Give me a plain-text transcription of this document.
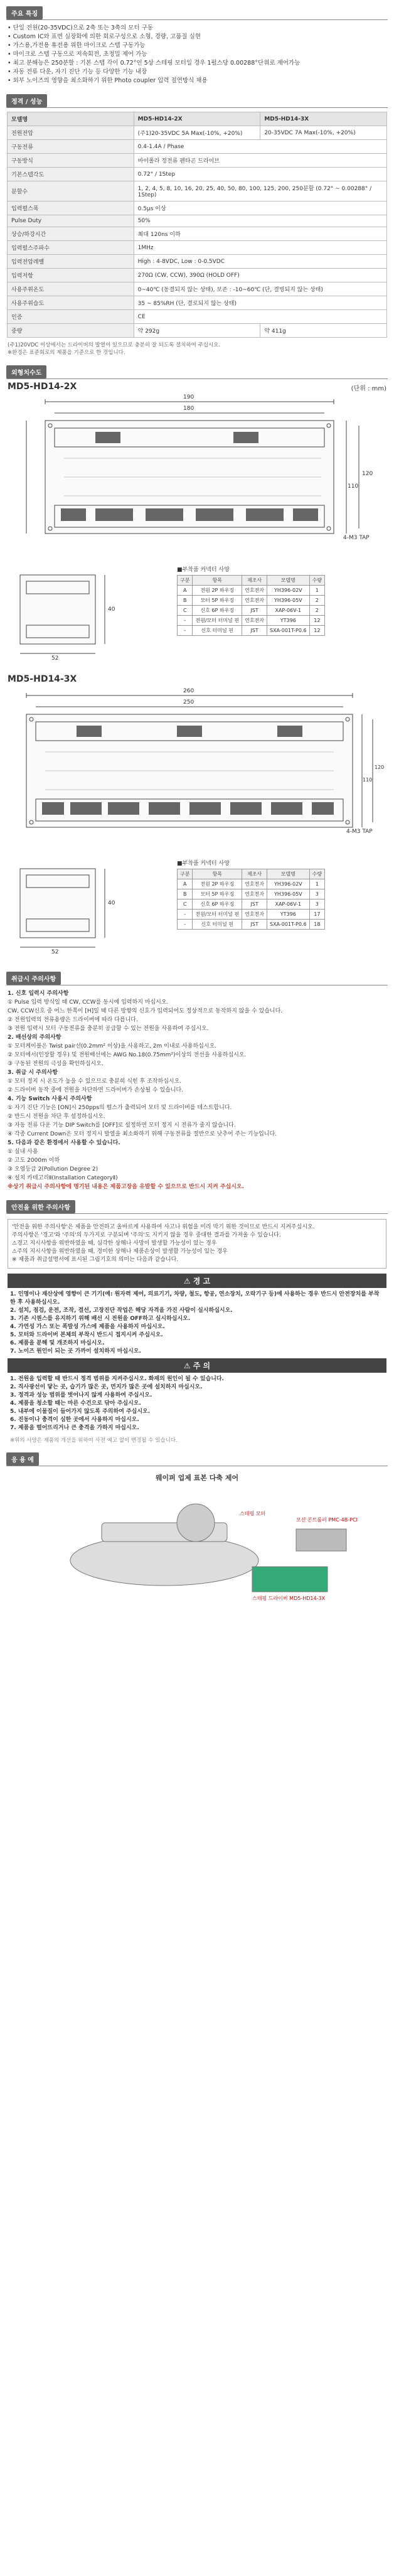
주요 특징
• 단일 전원(20-35VDC)으로 2축 또는 3축의 모터 구동
• Custom IC와 표면 실장화에 의한 회로구성으로 소형, 경량, 고품질 실현
• 가스용,가전용 휴전용 위한 마이크로 스텝 구동가능
• 마이크로 스텝 구동으로 저속회전, 초정밀 제어 가능
• 최고 분해능은 250분할 : 기본 스텝 각이 0.72°인 5상 스테핑 모터일 경우 1펄스당 0.00288°단위로 제어가능
• 자동 전류 다운, 자기 진단 기능 등 다양한 기능 내장
• 외부 노이즈의 영향을 최소화하기 위한 Photo coupler 입력 절연방식 채용
정격 / 성능
모델명	MD5-HD14-2X	MD5-HD14-3X
전원전압	(주1)20-35VDC 5A Max(-10%, +20%)	20-35VDC 7A Max(-10%, +20%)
구동전류	0.4-1.4A / Phase	
구동방식	바이폴라 정전류 펜타곤 드라이브	
기본스텝각도	0.72° / 1Step	
분할수	1, 2, 4, 5, 8, 10, 16, 20, 25, 40, 50, 80, 100, 125, 200, 250분할 (0.72° ~ 0.00288° / 1Step)	
입력펄스폭	0.5μs 이상	
Pulse Duty	50%	
상승/하강시간	최대 120ns 이하	
입력펄스주파수	1MHz	
입력전압레벨	High : 4-8VDC, Low : 0-0.5VDC	
입력저항	270Ω (CW, CCW), 390Ω (HOLD OFF)	
사용주위온도	0~40℃ (동결되지 않는 상태), 보존 : -10~60℃ (단, 결빙되지 않는 상태)	
사용주위습도	35 ~ 85%RH (단, 결로되지 않는 상태)	
인증	CE	
중량	약 292g	약 411g
(주1)20VDC 이상에서는 드라이버의 발열이 있으므로 충분히 잘 되도록 설치하여 주십시오.
※환경은 표준회로의 제품을 기준으로 한 것입니다.
외형치수도
MD5-HD14-2X	(단위 : mm)
190
180
120
110
4-M3 TAP
52
40
■부착품 커넥터 사양
구분	항목	제조사	모델명	수량
A	전원 2P 하우징	연호전자	YH396-02V	1
B	모터 5P 하우징	연호전자	YH396-05V	2
C	신호 6P 하우징	JST	XAP-06V-1	2
-	전원/모터 터미널 핀	연호전자	YT396	12
-	신호 터미널 핀	JST	SXA-001T-P0.6	12
MD5-HD14-3X
260
250
120
110
4-M3 TAP
52
40
■부착품 커넥터 사양
구분	항목	제조사	모델명	수량
A	전원 2P 하우징	연호전자	YH396-02V	1
B	모터 5P 하우징	연호전자	YH396-05V	3
C	신호 6P 하우징	JST	XAP-06V-1	3
-	전원/모터 터미널 핀	연호전자	YT396	17
-	신호 터미널 핀	JST	SXA-001T-P0.6	18
취급시 주의사항
1. 신호 입력시 주의사항
① Pulse 입력 방식일 때 CW, CCW를 동시에 입력하지 마십시오.
CW, CCW신호 중 어느 한쪽이 [H]일 때 다른 방향의 신호가 입력되어도 정상적으로 동작하지 않을 수 있습니다.
② 전원입력의 전류용량은 드라이버에 따라 다릅니다.
③ 전원 입력시 모터 구동전류를 충분히 공급할 수 있는 전원을 사용하여 주십시오.
2. 배선상의 주의사항
① 모터케이블은 Twist pair선(0.2mm² 이상)을 사용하고, 2m 이내로 사용하십시오.
② 모터에서(인장할 경우) 및 전원배선에는 AWG No.18(0.75mm²)이상의 전선을 사용하십시오.
③ 구동된 전원의 극성을 확인하십시오.
3. 취급 시 주의사항
① 모터 정지 시 온도가 높을 수 있으므로 충분히 식힌 후 조작하십시오.
② 드라이버 동작 중에 전원을 차단하면 드라이버가 손상될 수 있습니다.
4. 기능 Switch 사용시 주의사항
① 자기 진단 기능은 [ON]시 250pps의 펄스가 출력되어 모터 및 드라이버를 테스트합니다.
② 반드시 전원을 차단 후 설정하십시오.
③ 자동 전류 다운 기능 DIP Switch를 [OFF]로 설정하면 모터 정지 시 전류가 줄지 않습니다.
④ 각종 Current Down은 모터 정지시 발열을 최소화하기 위해 구동전류를 절반으로 낮추어 주는 기능입니다.
5. 다음과 같은 환경에서 사용할 수 있습니다.
① 실내 사용
② 고도 2000m 이하
③ 오염등급 2(Pollution Degree 2)
④ 설치 카테고리Ⅱ(Installation CategoryⅡ)
※상기 취급시 주의사항에 명기된 내용은 제품고장을 유발할 수 있으므로 반드시 지켜 주십시오.
안전을 위한 주의사항
'안전을 위한 주의사항'은 제품을 안전하고 올바르게 사용하여 사고나 위험을 미리 막기 위한 것이므로 반드시 지켜주십시오.
주의사항은 '경고'와 '주의'의 두가지로 구분되며 '주의'도 지키지 않을 경우 중대한 결과를 가져올 수 있습니다.
⚠경고 지시사항을 위반하였을 때, 심각한 상해나 사망이 발생할 가능성이 있는 경우
⚠주의 지시사항을 위반하였을 때, 경미한 상해나 제품손상이 발생할 가능성이 있는 경우
※ 제품과 취급설명서에 표시된 그림기호의 의미는 다음과 같습니다.
⚠ 경 고
1. 인명이나 재산상에 영향이 큰 기기(예: 원자력 제어, 의료기기, 차량, 철도, 항공, 연소장치, 오락기구 등)에 사용하는 경우 반드시 안전장치를 부착한 후 사용하십시오.
2. 설치, 점검, 운전, 조작, 결선, 고장진단 작업은 해당 자격을 가진 사람이 실시하십시오.
3. 기존 시퀀스를 유지하기 위해 배선 시 전원을 OFF하고 실시하십시오.
4. 가연성 가스 또는 폭발성 가스에 제품을 사용하지 마십시오.
5. 모터와 드라이버 본체의 부착시 반드시 접지시켜 주십시오.
6. 제품을 분해 및 개조하지 마십시오.
7. 노이즈 원인이 되는 곳 가까이 설치하지 마십시오.
⚠ 주 의
1. 전원을 입력할 때 반드시 정격 범위를 지켜주십시오. 화재의 원인이 될 수 있습니다.
2. 직사광선이 닿는 곳, 습기가 많은 곳, 먼지가 많은 곳에 설치하지 마십시오.
3. 정격과 성능 범위를 벗어나지 않게 사용하여 주십시오.
4. 제품을 청소할 때는 마른 수건으로 닦아 주십시오.
5. 내부에 이물질이 들어가지 않도록 주의하여 주십시오.
6. 진동이나 충격이 심한 곳에서 사용하지 마십시오.
7. 제품을 떨어뜨리거나 큰 충격을 가하지 마십시오.
※위의 사양은 제품의 개선을 위하여 사전 예고 없이 변경될 수 있습니다.
응 용 예
웨이퍼 업제 표본 다축 제어
스테핑 모터
모션 콘트롤러 PMC-4B-PCI
스테핑 드라이버 MD5-HD14-3X
